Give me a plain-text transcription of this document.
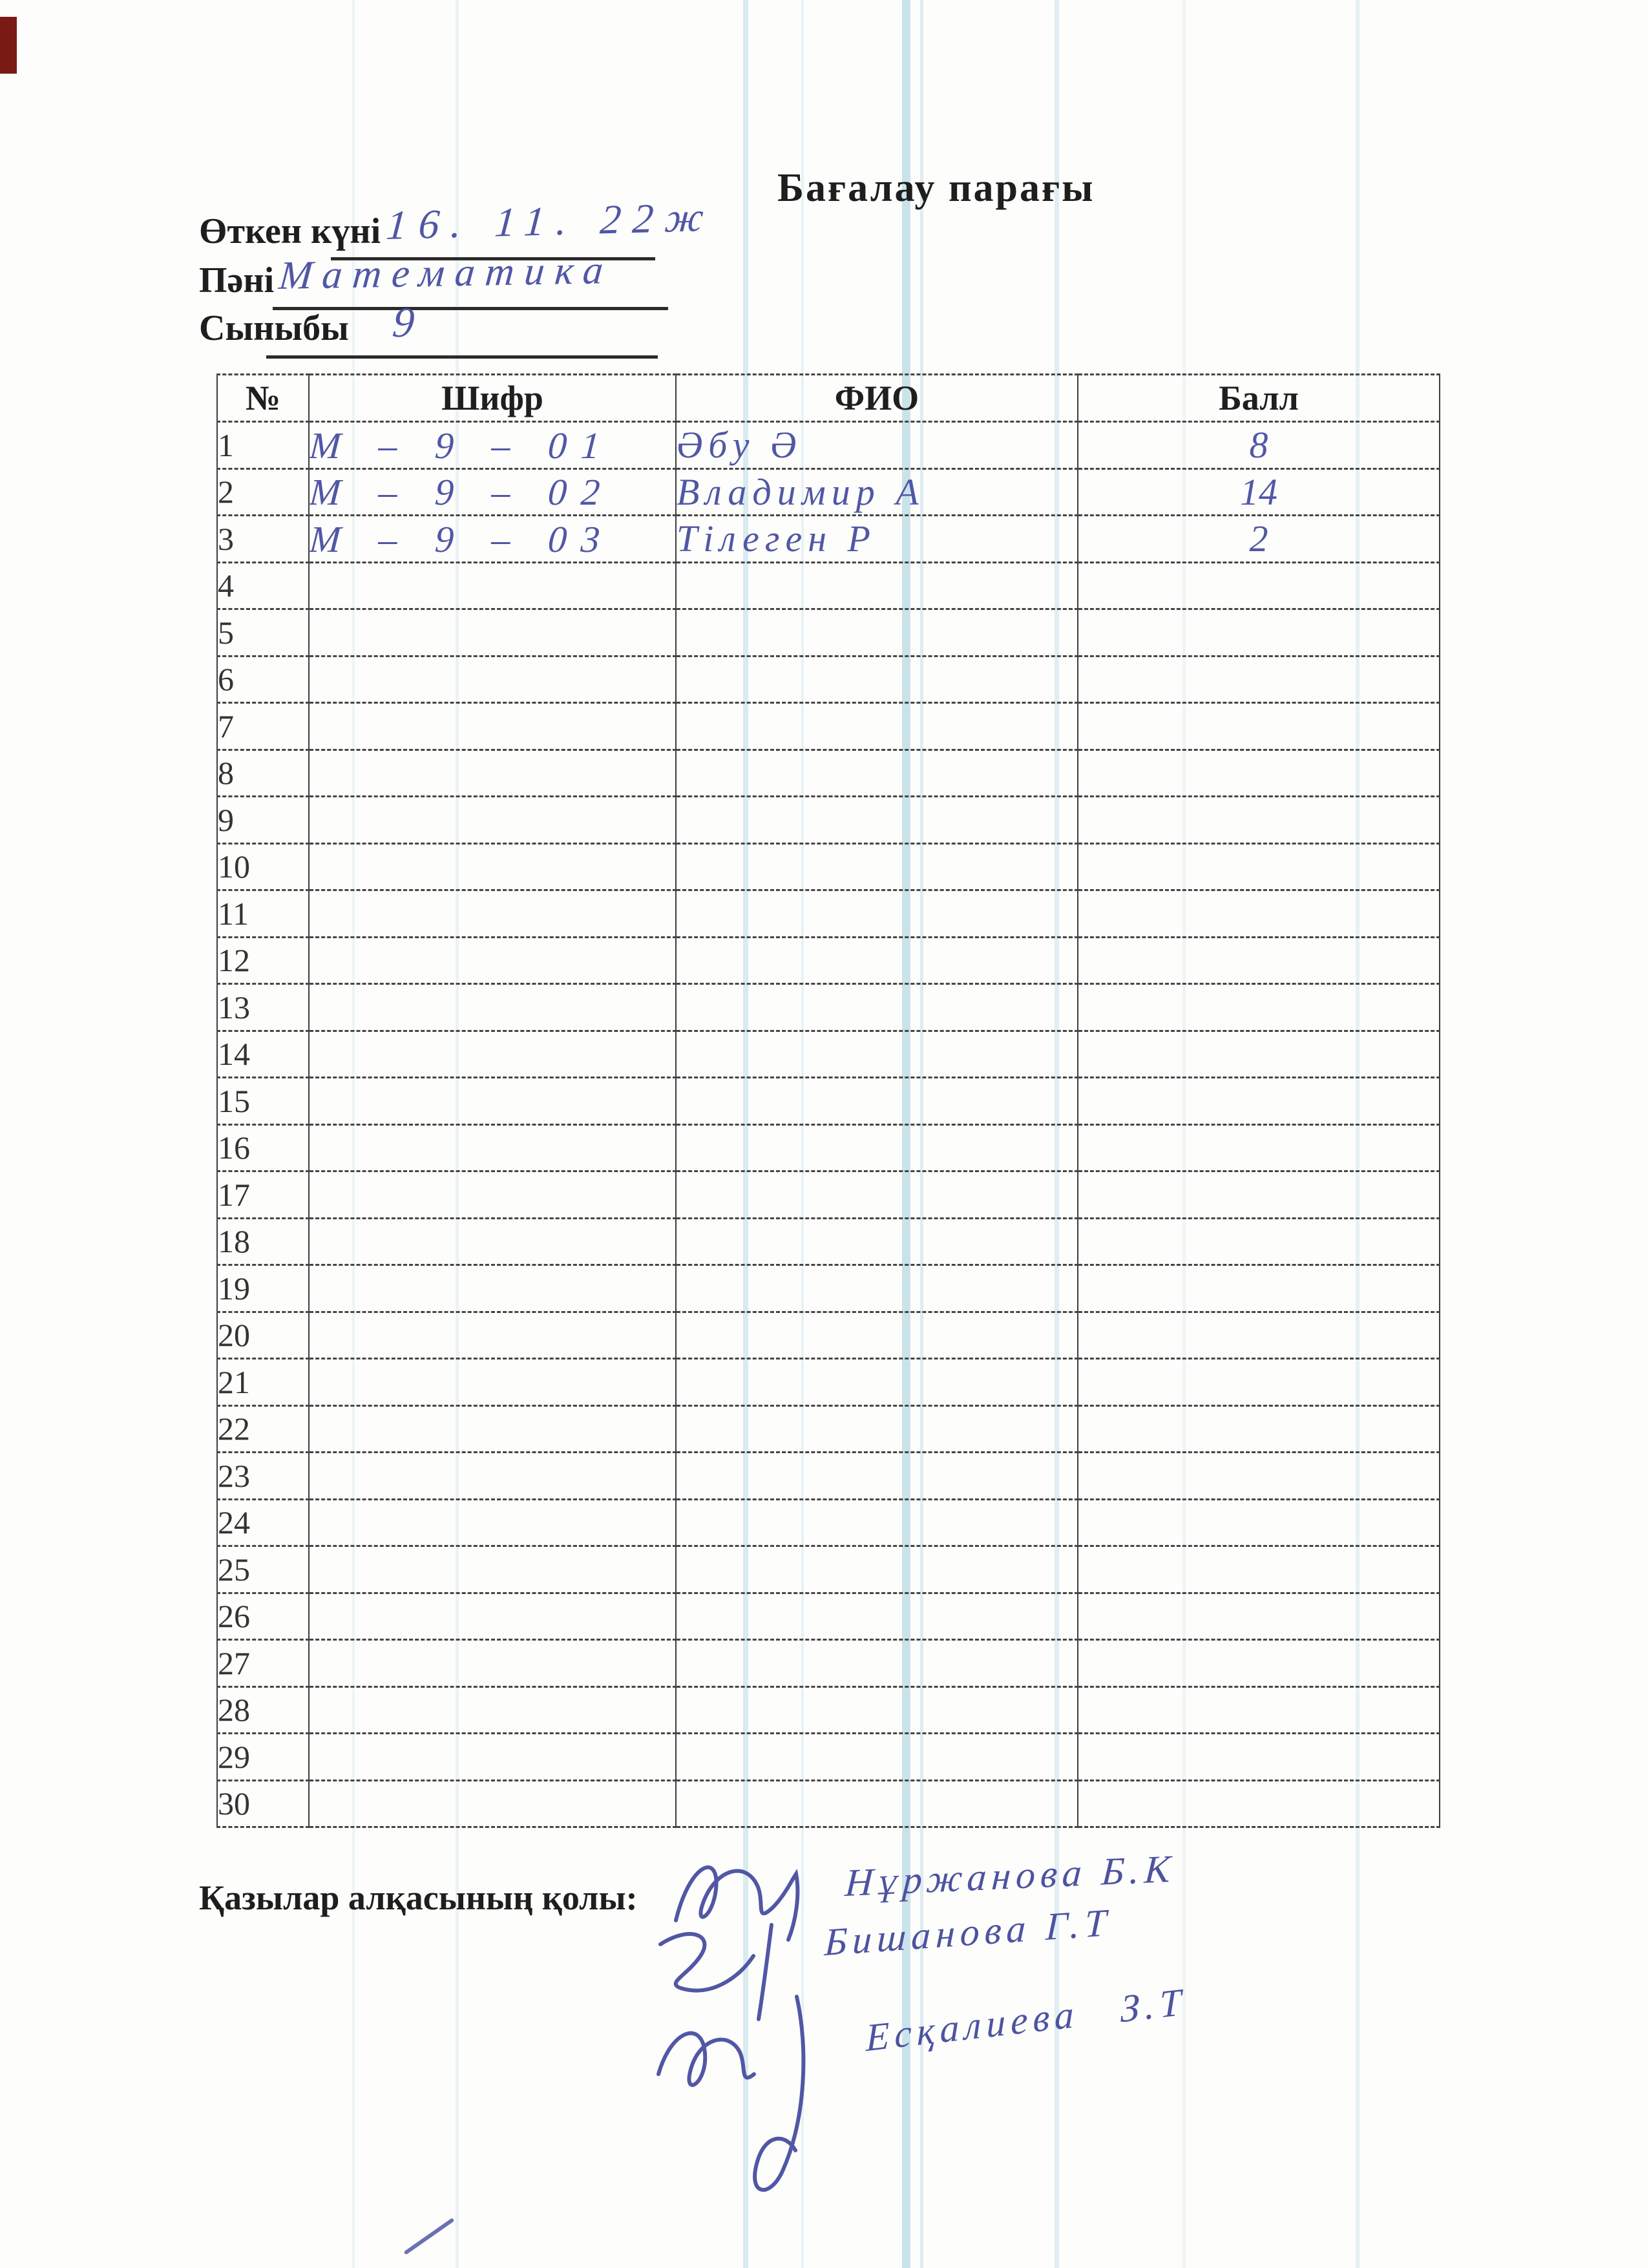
Бағалау парағы
Өткен күні 16. 11. 22ж
Пәні Математика
Сыныбы 9
№	Шифр	ФИО	Балл
1	М – 9 – 01	Әбу Ә	8
2	М – 9 – 02	Владимир А	14
3	М – 9 – 03	Тілеген Р	2
4			
5			
6			
7			
8			
9			
10			
11			
12			
13			
14			
15			
16			
17			
18			
19			
20			
21			
22			
23			
24			
25			
26			
27			
28			
29			
30			
Қазылар алқасының қолы:	Нұржанова Б.К
Бишанова Г.Т
Есқалиева З.Т
